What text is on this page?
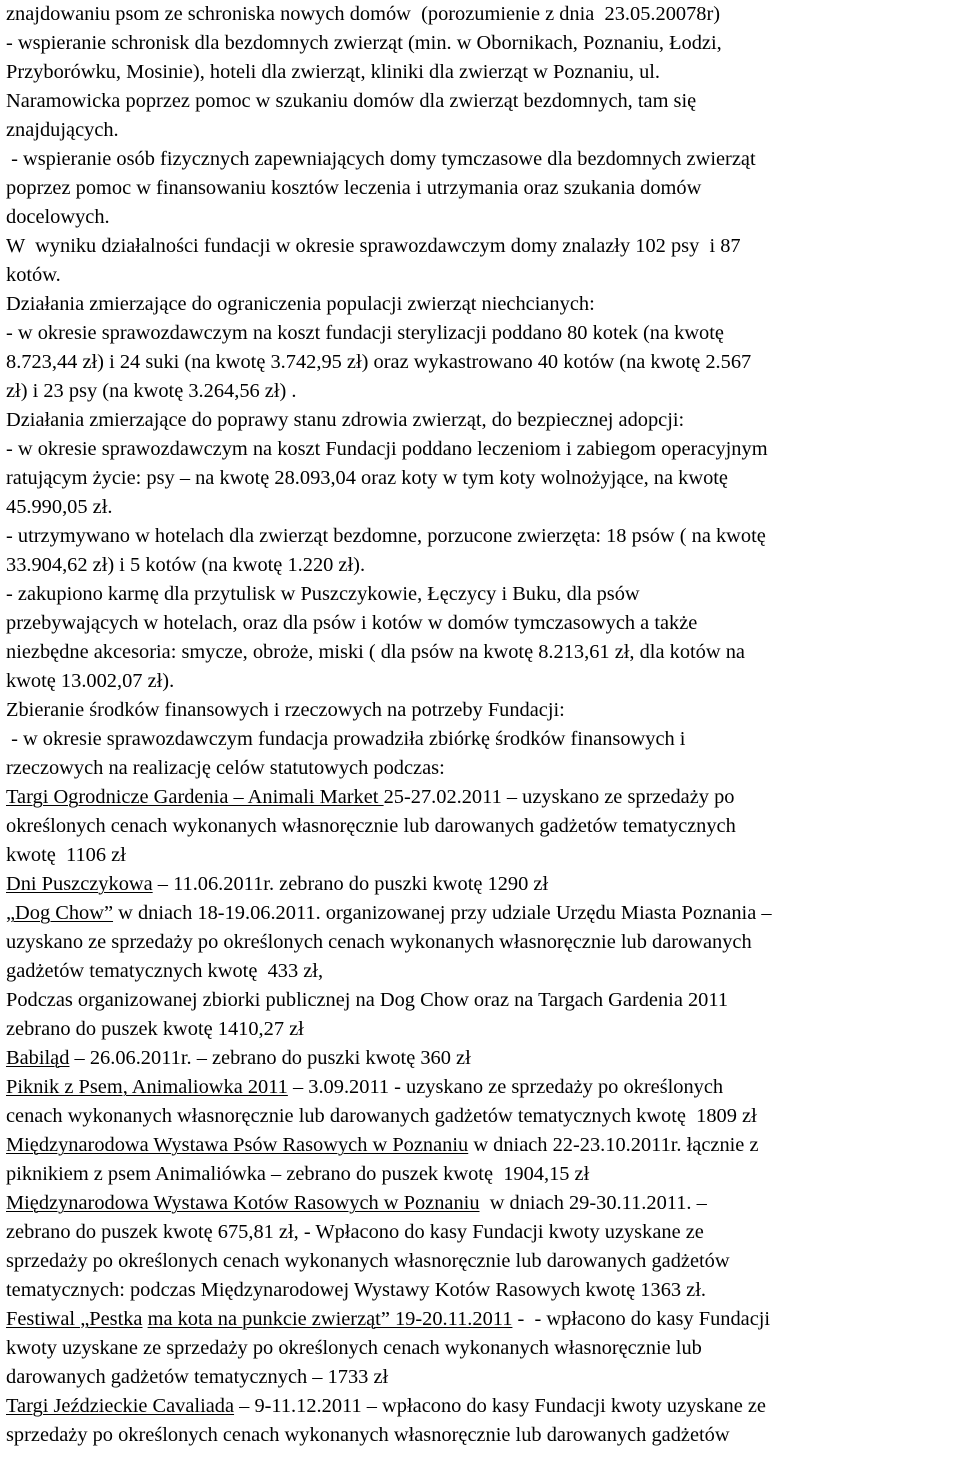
znajdowaniu psom ze schroniska nowych domów  (porozumienie z dnia  23.05.20078r)
- wspieranie schronisk dla bezdomnych zwierząt (min. w Obornikach, Poznaniu, Łodzi,
Przyborówku, Mosinie), hoteli dla zwierząt, kliniki dla zwierząt w Poznaniu, ul.
Naramowicka poprzez pomoc w szukaniu domów dla zwierząt bezdomnych, tam się
znajdujących.
- wspieranie osób fizycznych zapewniających domy tymczasowe dla bezdomnych zwierząt
poprzez pomoc w finansowaniu kosztów leczenia i utrzymania oraz szukania domów
docelowych.
W  wyniku działalności fundacji w okresie sprawozdawczym domy znalazły 102 psy  i 87
kotów.
Działania zmierzające do ograniczenia populacji zwierząt niechcianych:
- w okresie sprawozdawczym na koszt fundacji sterylizacji poddano 80 kotek (na kwotę
8.723,44 zł) i 24 suki (na kwotę 3.742,95 zł) oraz wykastrowano 40 kotów (na kwotę 2.567
zł) i 23 psy (na kwotę 3.264,56 zł) .
Działania zmierzające do poprawy stanu zdrowia zwierząt, do bezpiecznej adopcji:
- w okresie sprawozdawczym na koszt Fundacji poddano leczeniom i zabiegom operacyjnym
ratującym życie: psy – na kwotę 28.093,04 oraz koty w tym koty wolnożyjące, na kwotę
45.990,05 zł.
- utrzymywano w hotelach dla zwierząt bezdomne, porzucone zwierzęta: 18 psów ( na kwotę
33.904,62 zł) i 5 kotów (na kwotę 1.220 zł).
- zakupiono karmę dla przytulisk w Puszczykowie, Łęczycy i Buku, dla psów
przebywających w hotelach, oraz dla psów i kotów w domów tymczasowych a także
niezbędne akcesoria: smycze, obroże, miski ( dla psów na kwotę 8.213,61 zł, dla kotów na
kwotę 13.002,07 zł).
Zbieranie środków finansowych i rzeczowych na potrzeby Fundacji:
- w okresie sprawozdawczym fundacja prowadziła zbiórkę środków finansowych i
rzeczowych na realizację celów statutowych podczas:
Targi Ogrodnicze Gardenia – Animali Market 25-27.02.2011 – uzyskano ze sprzedaży po
określonych cenach wykonanych własnoręcznie lub darowanych gadżetów tematycznych
kwotę  1106 zł
Dni Puszczykowa – 11.06.2011r. zebrano do puszki kwotę 1290 zł
„Dog Chow” w dniach 18-19.06.2011. organizowanej przy udziale Urzędu Miasta Poznania –
uzyskano ze sprzedaży po określonych cenach wykonanych własnoręcznie lub darowanych
gadżetów tematycznych kwotę  433 zł,
Podczas organizowanej zbiorki publicznej na Dog Chow oraz na Targach Gardenia 2011
zebrano do puszek kwotę 1410,27 zł
Babiląd – 26.06.2011r. – zebrano do puszki kwotę 360 zł
Piknik z Psem, Animaliowka 2011 – 3.09.2011 - uzyskano ze sprzedaży po określonych
cenach wykonanych własnoręcznie lub darowanych gadżetów tematycznych kwotę  1809 zł
Międzynarodowa Wystawa Psów Rasowych w Poznaniu w dniach 22-23.10.2011r. łącznie z
piknikiem z psem Animaliówka – zebrano do puszek kwotę  1904,15 zł
Międzynarodowa Wystawa Kotów Rasowych w Poznaniu  w dniach 29-30.11.2011. –
zebrano do puszek kwotę 675,81 zł, - Wpłacono do kasy Fundacji kwoty uzyskane ze
sprzedaży po określonych cenach wykonanych własnoręcznie lub darowanych gadżetów
tematycznych: podczas Międzynarodowej Wystawy Kotów Rasowych kwotę 1363 zł.
Festiwal „Pestka ma kota na punkcie zwierząt” 19-20.11.2011 -  - wpłacono do kasy Fundacji
kwoty uzyskane ze sprzedaży po określonych cenach wykonanych własnoręcznie lub
darowanych gadżetów tematycznych – 1733 zł
Targi Jeździeckie Cavaliada – 9-11.12.2011 – wpłacono do kasy Fundacji kwoty uzyskane ze
sprzedaży po określonych cenach wykonanych własnoręcznie lub darowanych gadżetów
